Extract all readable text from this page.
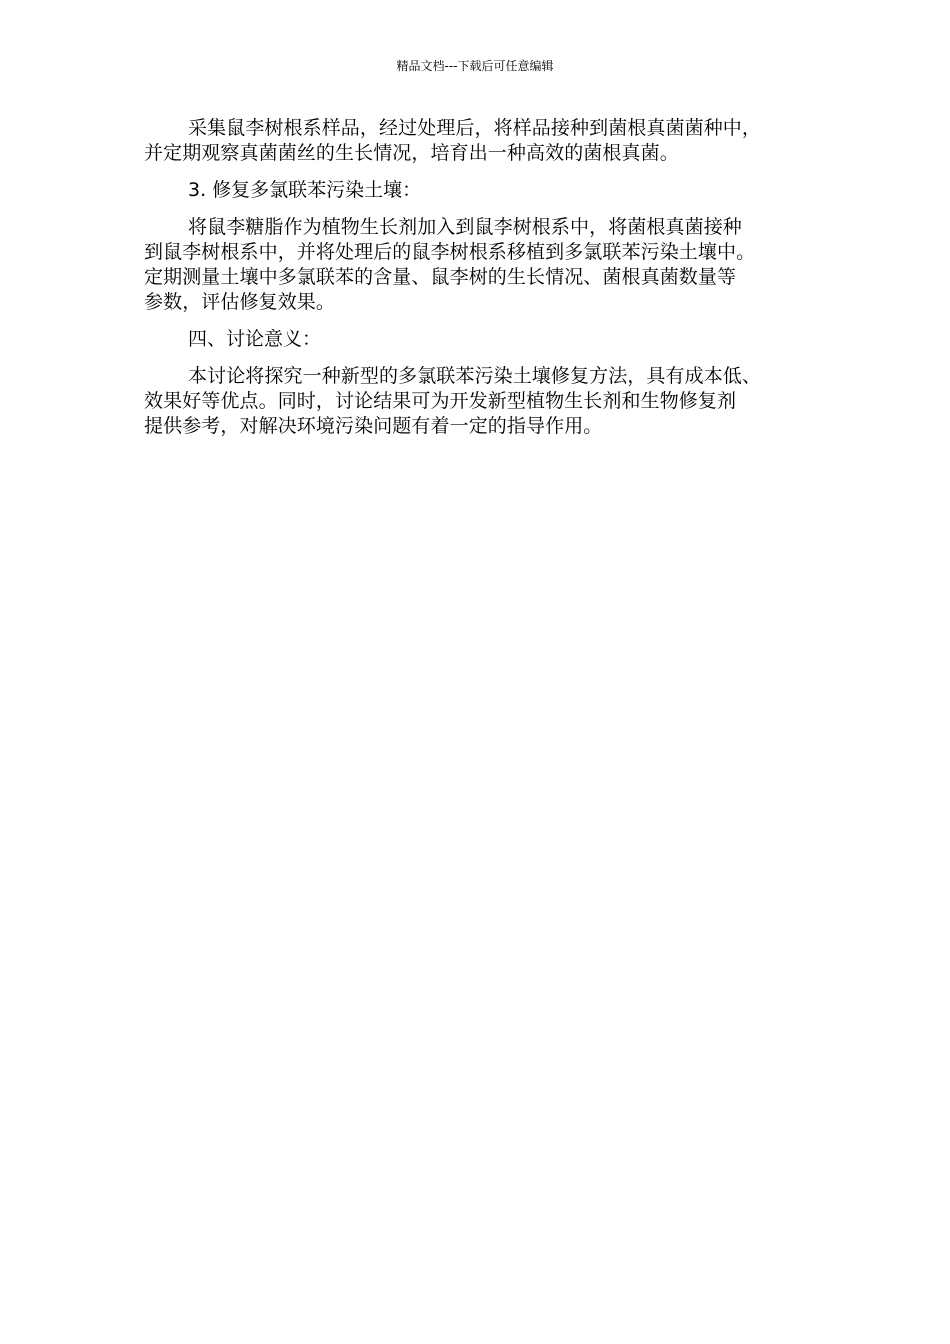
精品文档---下载后可任意编辑

采集鼠李树根系样品，经过处理后，将样品接种到菌根真菌菌种中，
并定期观察真菌菌丝的生长情况，培育出一种高效的菌根真菌。

3. 修复多氯联苯污染土壤：

将鼠李糖脂作为植物生长剂加入到鼠李树根系中，将菌根真菌接种
到鼠李树根系中，并将处理后的鼠李树根系移植到多氯联苯污染土壤中。
定期测量土壤中多氯联苯的含量、鼠李树的生长情况、菌根真菌数量等
参数，评估修复效果。

四、讨论意义：

本讨论将探究一种新型的多氯联苯污染土壤修复方法，具有成本低、
效果好等优点。同时，讨论结果可为开发新型植物生长剂和生物修复剂
提供参考，对解决环境污染问题有着一定的指导作用。
